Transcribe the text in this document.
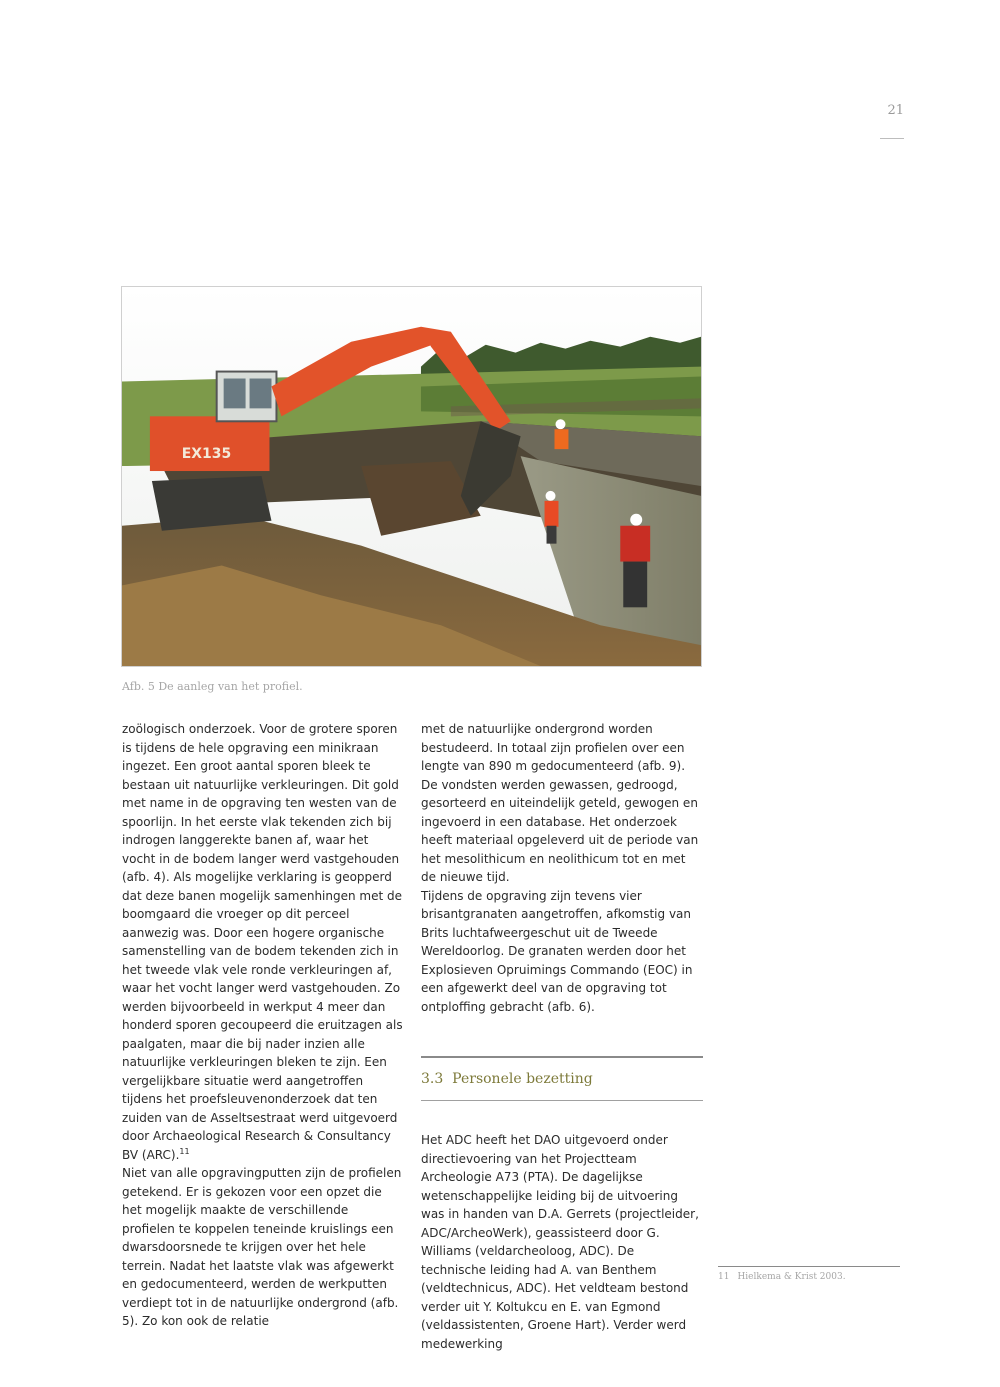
21
EX135
Afb. 5 De aanleg van het profiel.

zoölogisch onderzoek. Voor de grotere sporen is tijdens de hele opgraving een minikraan ingezet. Een groot aantal sporen bleek te bestaan uit natuurlijke verkleuringen. Dit gold met name in de opgraving ten westen van de spoorlijn. In het eerste vlak tekenden zich bij indrogen langgerekte banen af, waar het vocht in de bodem langer werd vastgehouden (afb. 4). Als mogelijke verklaring is geopperd dat deze banen mogelijk samenhingen met de boomgaard die vroeger op dit perceel aanwezig was. Door een hogere organische samenstelling van de bodem tekenden zich in het tweede vlak vele ronde verkleuringen af, waar het vocht langer werd vastgehouden. Zo werden bijvoorbeeld in werkput 4 meer dan honderd sporen gecoupeerd die eruitzagen als paalgaten, maar die bij nader inzien alle natuurlijke verkleuringen bleken te zijn. Een vergelijkbare situatie werd aangetroffen tijdens het proefsleuvenonderzoek dat ten zuiden van de Asseltsestraat werd uitgevoerd door Archaeological Research & Consultancy BV (ARC).$^{11}$

Niet van alle opgravingputten zijn de profielen getekend. Er is gekozen voor een opzet die het mogelijk maakte de verschillende profielen te koppelen teneinde kruislings een dwarsdoorsnede te krijgen over het hele terrein. Nadat het laatste vlak was afgewerkt en gedocumenteerd, werden de werkputten verdiept tot in de natuurlijke ondergrond (afb. 5). Zo kon ook de relatie

met de natuurlijke ondergrond worden bestudeerd. In totaal zijn profielen over een lengte van 890 m gedocumenteerd (afb. 9).

De vondsten werden gewassen, gedroogd, gesorteerd en uiteindelijk geteld, gewogen en ingevoerd in een database. Het onderzoek heeft materiaal opgeleverd uit de periode van het mesolithicum en neolithicum tot en met de nieuwe tijd.

Tijdens de opgraving zijn tevens vier brisantgranaten aangetroffen, afkomstig van Brits luchtafweergeschut uit de Tweede Wereldoorlog. De granaten werden door het Explosieven Opruimings Commando (EOC) in een afgewerkt deel van de opgraving tot ontploffing gebracht (afb. 6).

3.3 Personele bezetting

Het ADC heeft het DAO uitgevoerd onder directievoering van het Projectteam Archeologie A73 (PTA). De dagelijkse wetenschappelijke leiding bij de uitvoering was in handen van D.A. Gerrets (projectleider, ADC/ArcheoWerk), geassisteerd door G. Williams (veldarcheoloog, ADC). De technische leiding had A. van Benthem (veldtechnicus, ADC). Het veldteam bestond verder uit Y. Koltukcu en E. van Egmond (veldassistenten, Groene Hart). Verder werd medewerking

11 Hielkema & Krist 2003.
